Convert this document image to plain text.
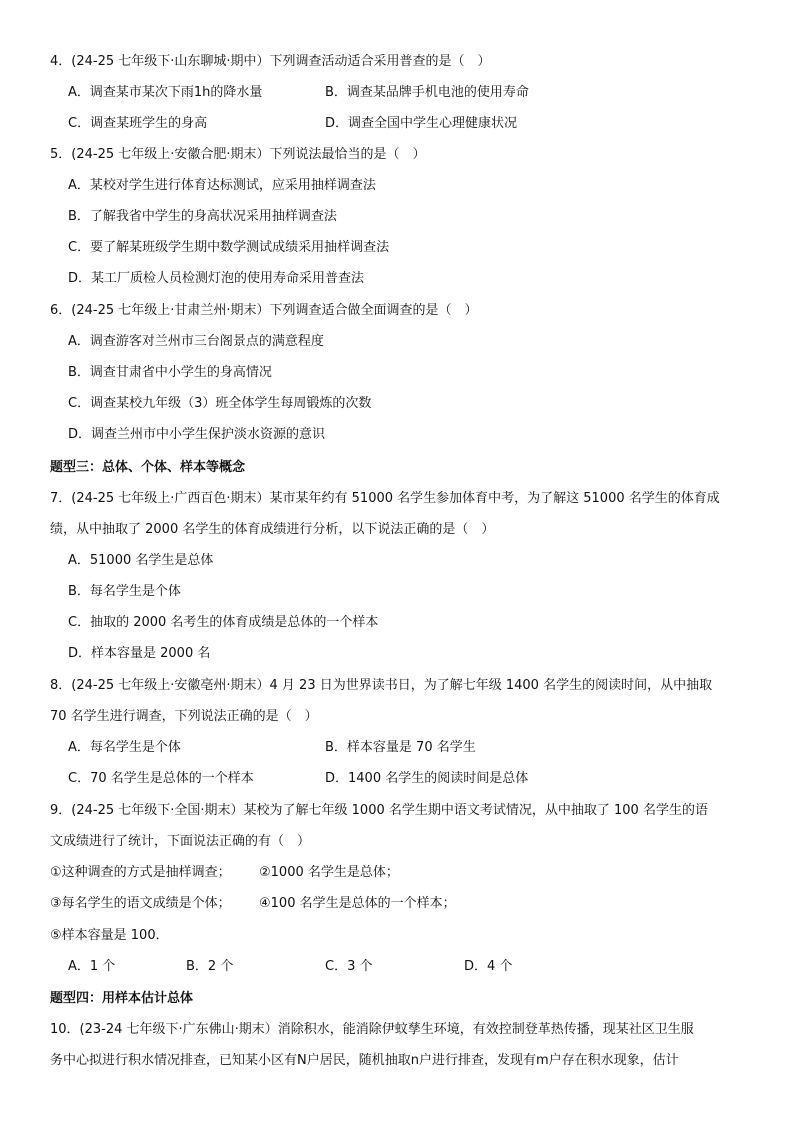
4．(24-25 七年级下·山东聊城·期中）下列调查活动适合采用普查的是（　）
A．调查某市某次下雨1h的降水量	B．调查某品牌手机电池的使用寿命
C．调查某班学生的身高	D．调查全国中学生心理健康状况
5．(24-25 七年级上·安徽合肥·期末）下列说法最恰当的是（　）
A．某校对学生进行体育达标测试，应采用抽样调查法
B．了解我省中学生的身高状况采用抽样调查法
C．要了解某班级学生期中数学测试成绩采用抽样调查法
D．某工厂质检人员检测灯泡的使用寿命采用普查法
6．(24-25 七年级上·甘肃兰州·期末）下列调查适合做全面调查的是（　）
A．调查游客对兰州市三台阁景点的满意程度
B．调查甘肃省中小学生的身高情况
C．调查某校九年级（3）班全体学生每周锻炼的次数
D．调查兰州市中小学生保护淡水资源的意识
题型三：总体、个体、样本等概念
7．(24-25 七年级上·广西百色·期末）某市某年约有 51000 名学生参加体育中考，为了解这 51000 名学生的体育成
绩，从中抽取了 2000 名学生的体育成绩进行分析，以下说法正确的是（　）
A．51000 名学生是总体
B．每名学生是个体
C．抽取的 2000 名考生的体育成绩是总体的一个样本
D．样本容量是 2000 名
8．(24-25 七年级上·安徽亳州·期末）4 月 23 日为世界读书日，为了解七年级 1400 名学生的阅读时间，从中抽取
70 名学生进行调查，下列说法正确的是（　）
A．每名学生是个体	B．样本容量是 70 名学生
C．70 名学生是总体的一个样本	D．1400 名学生的阅读时间是总体
9．(24-25 七年级下·全国·期末）某校为了解七年级 1000 名学生期中语文考试情况，从中抽取了 100 名学生的语
文成绩进行了统计，下面说法正确的有（　）
①这种调查的方式是抽样调查； ②1000 名学生是总体；
③每名学生的语文成绩是个体； ④100 名学生是总体的一个样本；
⑤样本容量是 100．
A．1 个	B．2 个	C．3 个	D．4 个
题型四：用样本估计总体
10．(23-24 七年级下·广东佛山·期末）消除积水，能消除伊蚊孳生环境，有效控制登革热传播，现某社区卫生服
务中心拟进行积水情况排查，已知某小区有N户居民，随机抽取n户进行排查，发现有m户存在积水现象，估计
